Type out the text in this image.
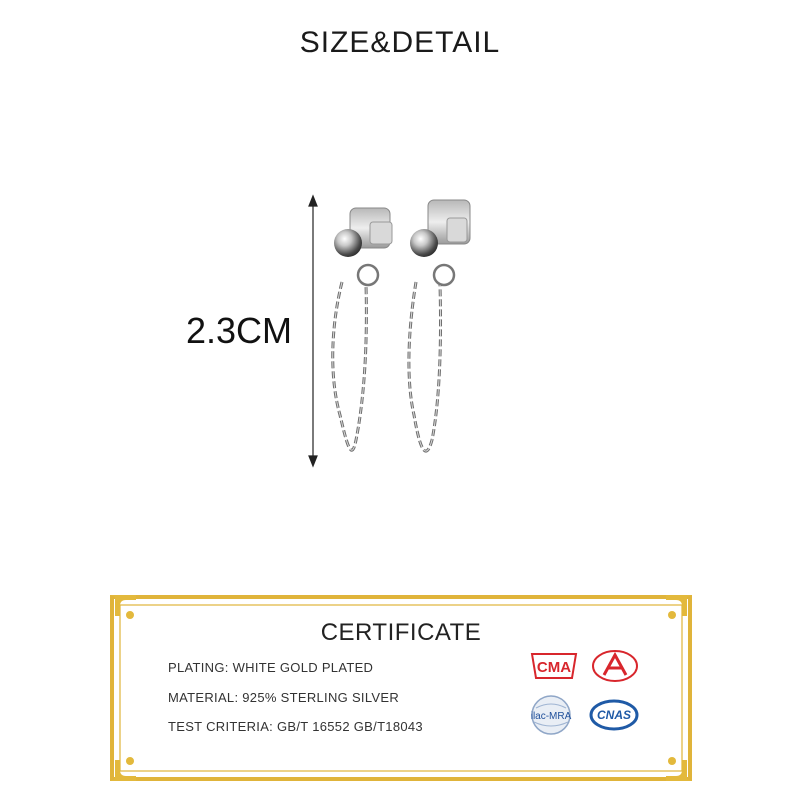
SIZE&DETAIL
2.3CM
CERTIFICATE
PLATING: WHITE GOLD PLATED
MATERIAL: 925% STERLING SILVER
TEST CRITERIA: GB/T 16552 GB/T18043
CMA
ilac-MRA CNAS
